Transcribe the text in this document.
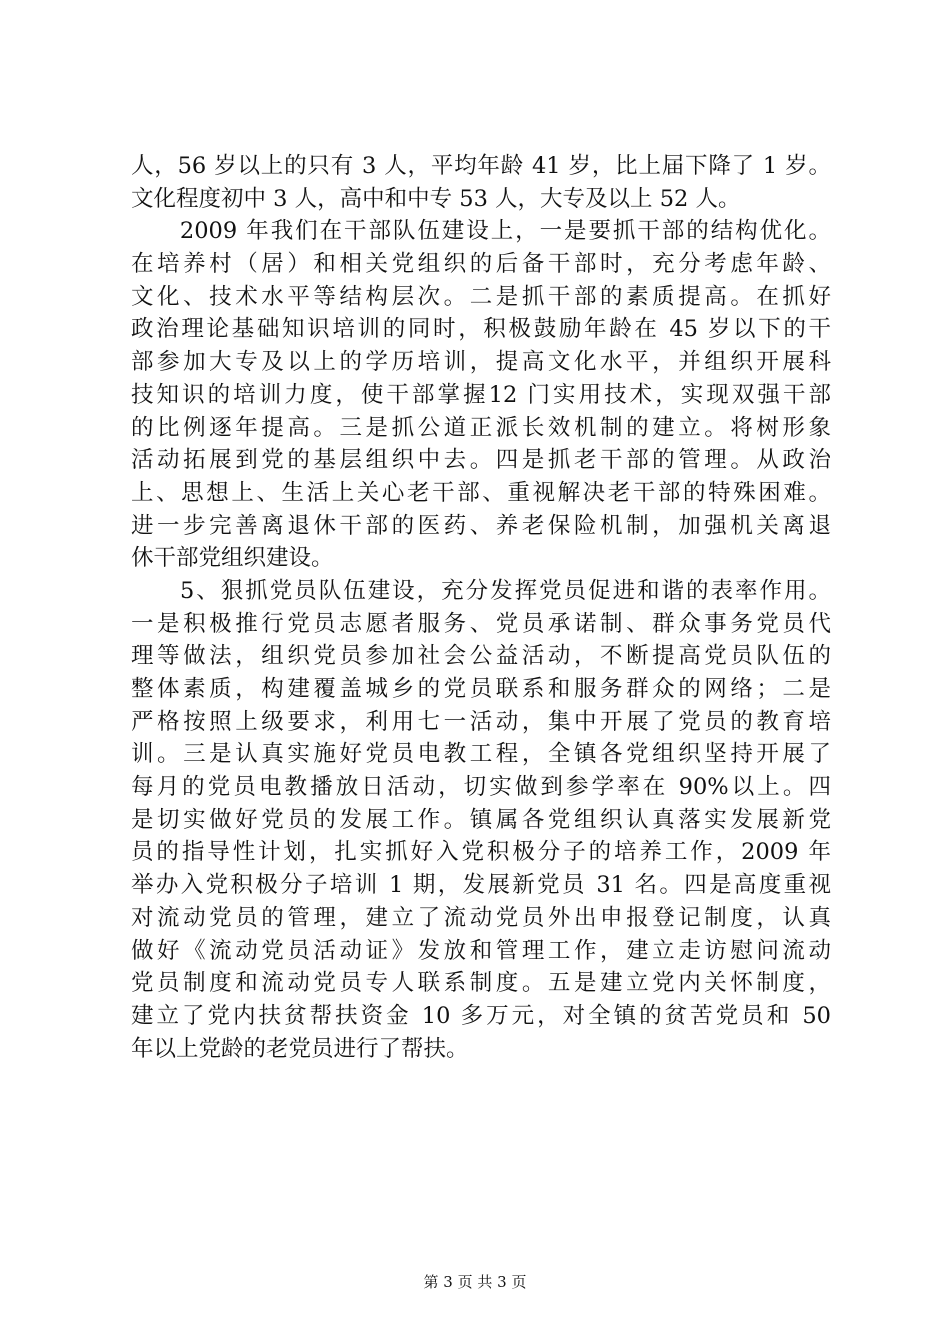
人，56 岁以上的只有 3 人，平均年龄 41 岁，比上届下降了 1 岁。
文化程度初中 3 人，高中和中专 53 人，大专及以上 52 人。
　　2009 年我们在干部队伍建设上，一是要抓干部的结构优化。
在培养村（居）和相关党组织的后备干部时，充分考虑年龄、
文化、技术水平等结构层次。二是抓干部的素质提高。在抓好
政治理论基础知识培训的同时，积极鼓励年龄在 45 岁以下的干
部参加大专及以上的学历培训，提高文化水平，并组织开展科
技知识的培训力度，使干部掌握12 门实用技术，实现双强干部
的比例逐年提高。三是抓公道正派长效机制的建立。将树形象
活动拓展到党的基层组织中去。四是抓老干部的管理。从政治
上、思想上、生活上关心老干部、重视解决老干部的特殊困难。
进一步完善离退休干部的医药、养老保险机制，加强机关离退
休干部党组织建设。
　　5、狠抓党员队伍建设，充分发挥党员促进和谐的表率作用。
一是积极推行党员志愿者服务、党员承诺制、群众事务党员代
理等做法，组织党员参加社会公益活动，不断提高党员队伍的
整体素质，构建覆盖城乡的党员联系和服务群众的网络；二是
严格按照上级要求，利用七一活动，集中开展了党员的教育培
训。三是认真实施好党员电教工程，全镇各党组织坚持开展了
每月的党员电教播放日活动，切实做到参学率在 90%以上。四
是切实做好党员的发展工作。镇属各党组织认真落实发展新党
员的指导性计划，扎实抓好入党积极分子的培养工作，2009 年
举办入党积极分子培训 1 期，发展新党员 31 名。四是高度重视
对流动党员的管理，建立了流动党员外出申报登记制度，认真
做好《流动党员活动证》发放和管理工作，建立走访慰问流动
党员制度和流动党员专人联系制度。五是建立党内关怀制度，
建立了党内扶贫帮扶资金 10 多万元，对全镇的贫苦党员和 50
年以上党龄的老党员进行了帮扶。
第 3 页 共 3 页
